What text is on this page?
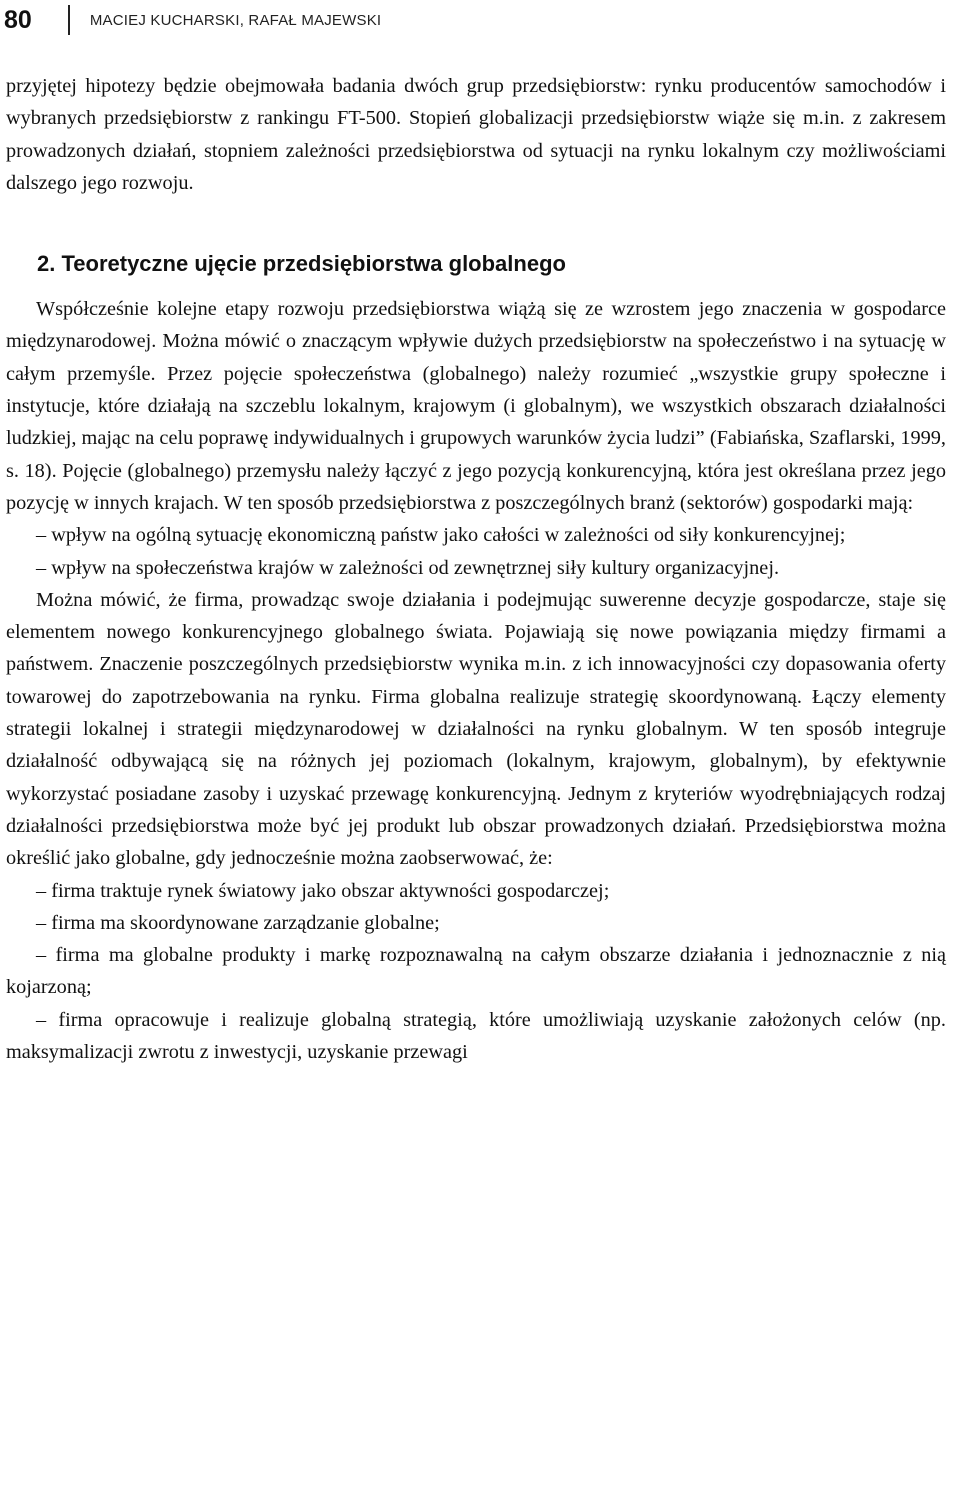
80	MACIEJ KUCHARSKI, RAFAŁ MAJEWSKI

przyjętej hipotezy będzie obejmowała badania dwóch grup przedsiębiorstw: rynku producentów samochodów i wybranych przedsiębiorstw z rankingu FT-500. Stopień globalizacji przedsiębiorstw wiąże się m.in. z zakresem prowadzonych działań, stopniem zależności przedsiębiorstwa od sytuacji na rynku lokalnym czy możliwościami dalszego jego rozwoju.

2. Teoretyczne ujęcie przedsiębiorstwa globalnego

Współcześnie kolejne etapy rozwoju przedsiębiorstwa wiążą się ze wzrostem jego znaczenia w gospodarce międzynarodowej. Można mówić o znaczącym wpływie dużych przedsiębiorstw na społeczeństwo i na sytuację w całym przemyśle. Przez pojęcie społeczeństwa (globalnego) należy rozumieć „wszystkie grupy społeczne i instytucje, które działają na szczeblu lokalnym, krajowym (i globalnym), we wszystkich obszarach działalności ludzkiej, mając na celu poprawę indywidualnych i grupowych warunków życia ludzi” (Fabiańska, Szaflarski, 1999, s. 18). Pojęcie (globalnego) przemysłu należy łączyć z jego pozycją konkurencyjną, która jest określana przez jego pozycję w innych krajach. W ten sposób przedsiębiorstwa z poszczególnych branż (sektorów) gospodarki mają:

– wpływ na ogólną sytuację ekonomiczną państw jako całości w zależności od siły konkurencyjnej;

– wpływ na społeczeństwa krajów w zależności od zewnętrznej siły kultury organizacyjnej.

Można mówić, że firma, prowadząc swoje działania i podejmując suwerenne decyzje gospodarcze, staje się elementem nowego konkurencyjnego globalnego świata. Pojawiają się nowe powiązania między firmami a państwem. Znaczenie poszczególnych przedsiębiorstw wynika m.in. z ich innowacyjności czy dopasowania oferty towarowej do zapotrzebowania na rynku. Firma globalna realizuje strategię skoordynowaną. Łączy elementy strategii lokalnej i strategii międzynarodowej w działalności na rynku globalnym. W ten sposób integruje działalność odbywającą się na różnych jej poziomach (lokalnym, krajowym, globalnym), by efektywnie wykorzystać posiadane zasoby i uzyskać przewagę konkurencyjną. Jednym z kryteriów wyodrębniających rodzaj działalności przedsiębiorstwa może być jej produkt lub obszar prowadzonych działań. Przedsiębiorstwa można określić jako globalne, gdy jednocześnie można zaobserwować, że:

– firma traktuje rynek światowy jako obszar aktywności gospodarczej;

– firma ma skoordynowane zarządzanie globalne;

– firma ma globalne produkty i markę rozpoznawalną na całym obszarze działania i jednoznacznie z nią kojarzoną;

– firma opracowuje i realizuje globalną strategią, które umożliwiają uzyskanie założonych celów (np. maksymalizacji zwrotu z inwestycji, uzyskanie przewagi
